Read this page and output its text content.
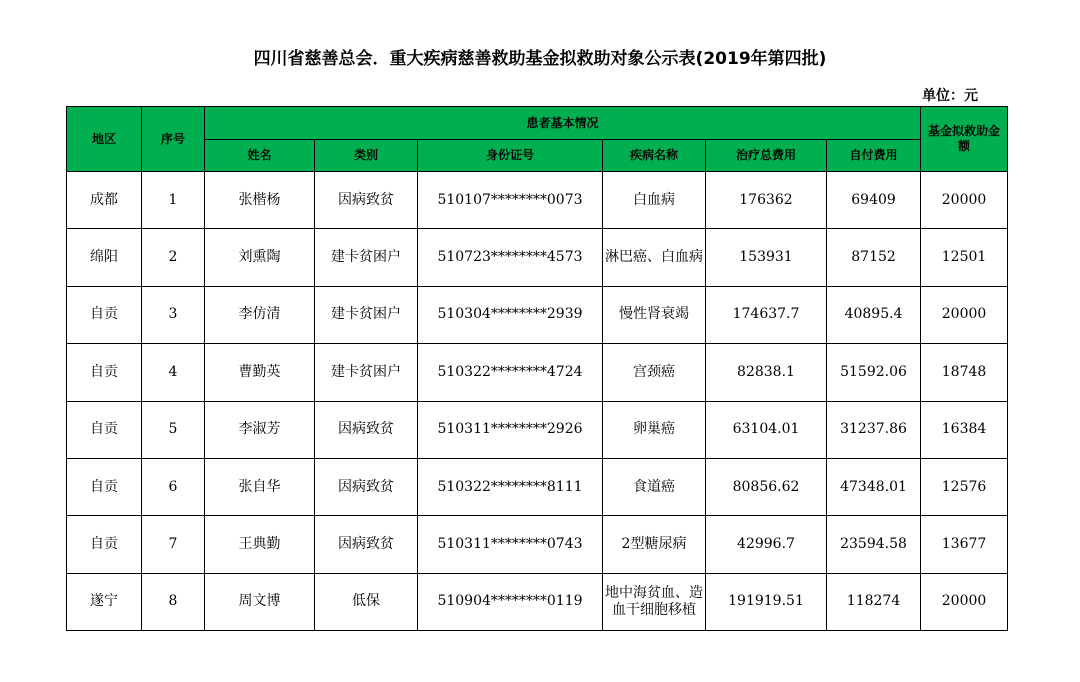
四川省慈善总会．重大疾病慈善救助基金拟救助对象公示表(2019年第四批)
单位：元
地区	序号	患者基本情况						基金拟救助金额
		姓名	类别	身份证号	疾病名称	治疗总费用	自付费用	
成都	1	张楷杨	因病致贫	510107********0073	白血病	176362	69409	20000
绵阳	2	刘熏陶	建卡贫困户	510723********4573	淋巴癌、白血病	153931	87152	12501
自贡	3	李仿清	建卡贫困户	510304********2939	慢性肾衰竭	174637.7	40895.4	20000
自贡	4	曹勤英	建卡贫困户	510322********4724	宫颈癌	82838.1	51592.06	18748
自贡	5	李淑芳	因病致贫	510311********2926	卵巢癌	63104.01	31237.86	16384
自贡	6	张自华	因病致贫	510322********8111	食道癌	80856.62	47348.01	12576
自贡	7	王典勤	因病致贫	510311********0743	2型糖尿病	42996.7	23594.58	13677
遂宁	8	周文博	低保	510904********0119	地中海贫血、造血干细胞移植	191919.51	118274	20000
